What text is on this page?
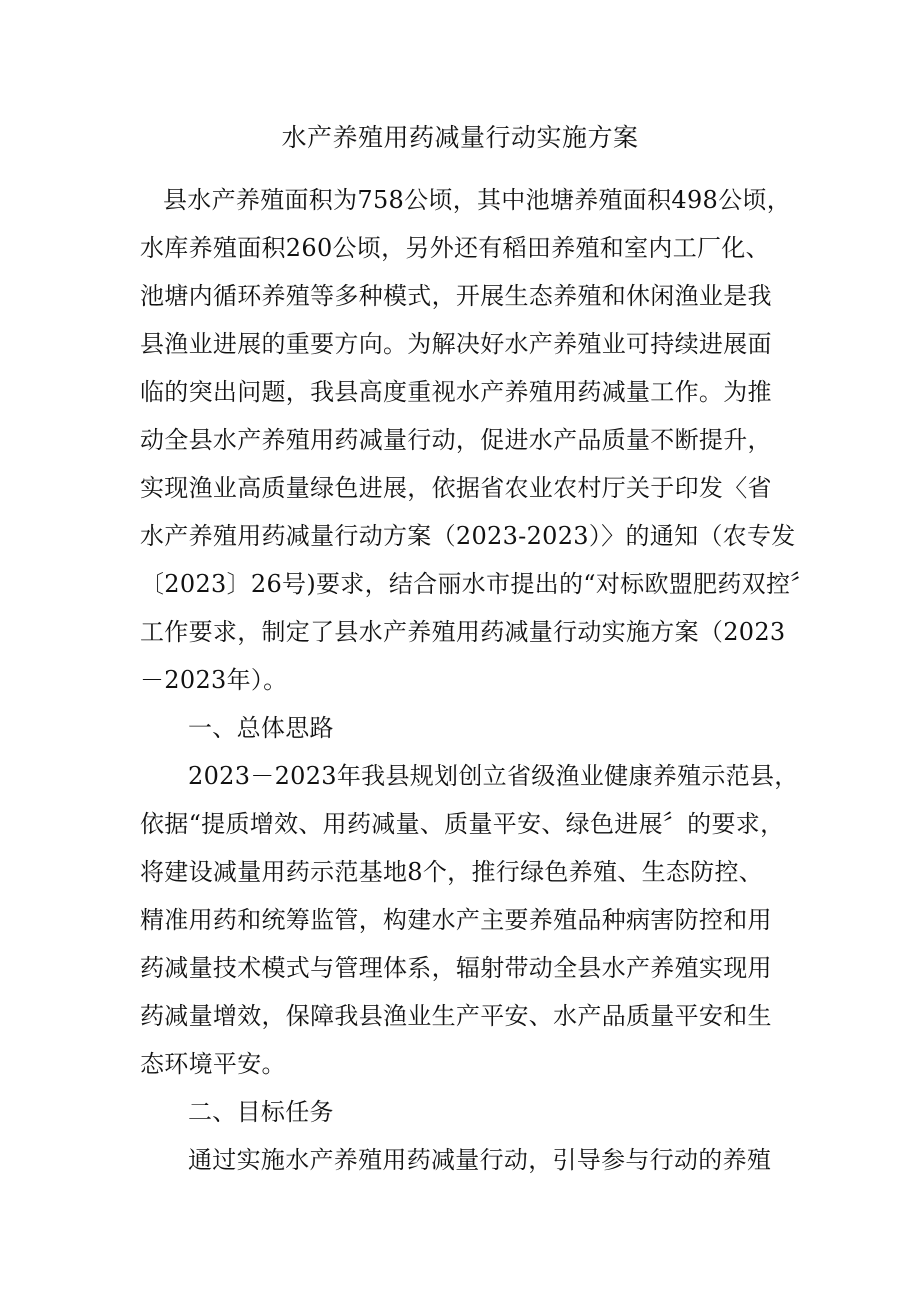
水产养殖用药减量行动实施方案
县水产养殖面积为758公顷，其中池塘养殖面积498公顷，
水库养殖面积260公顷，另外还有稻田养殖和室内工厂化、
池塘内循环养殖等多种模式，开展生态养殖和休闲渔业是我
县渔业进展的重要方向。为解决好水产养殖业可持续进展面
临的突出问题，我县高度重视水产养殖用药减量工作。为推
动全县水产养殖用药减量行动，促进水产品质量不断提升，
实现渔业高质量绿色进展，依据省农业农村厅关于印发〈省
水产养殖用药减量行动方案（2023-2023）〉的通知（农专发
〔2023〕26号)要求，结合丽水市提出的“对标欧盟肥药双控〞
工作要求，制定了县水产养殖用药减量行动实施方案（2023
－2023年）。
一、总体思路
2023－2023年我县规划创立省级渔业健康养殖示范县，
依据“提质增效、用药减量、质量平安、绿色进展〞的要求，
将建设减量用药示范基地8个，推行绿色养殖、生态防控、
精准用药和统筹监管，构建水产主要养殖品种病害防控和用
药减量技术模式与管理体系，辐射带动全县水产养殖实现用
药减量增效，保障我县渔业生产平安、水产品质量平安和生
态环境平安。
二、目标任务
通过实施水产养殖用药减量行动，引导参与行动的养殖
